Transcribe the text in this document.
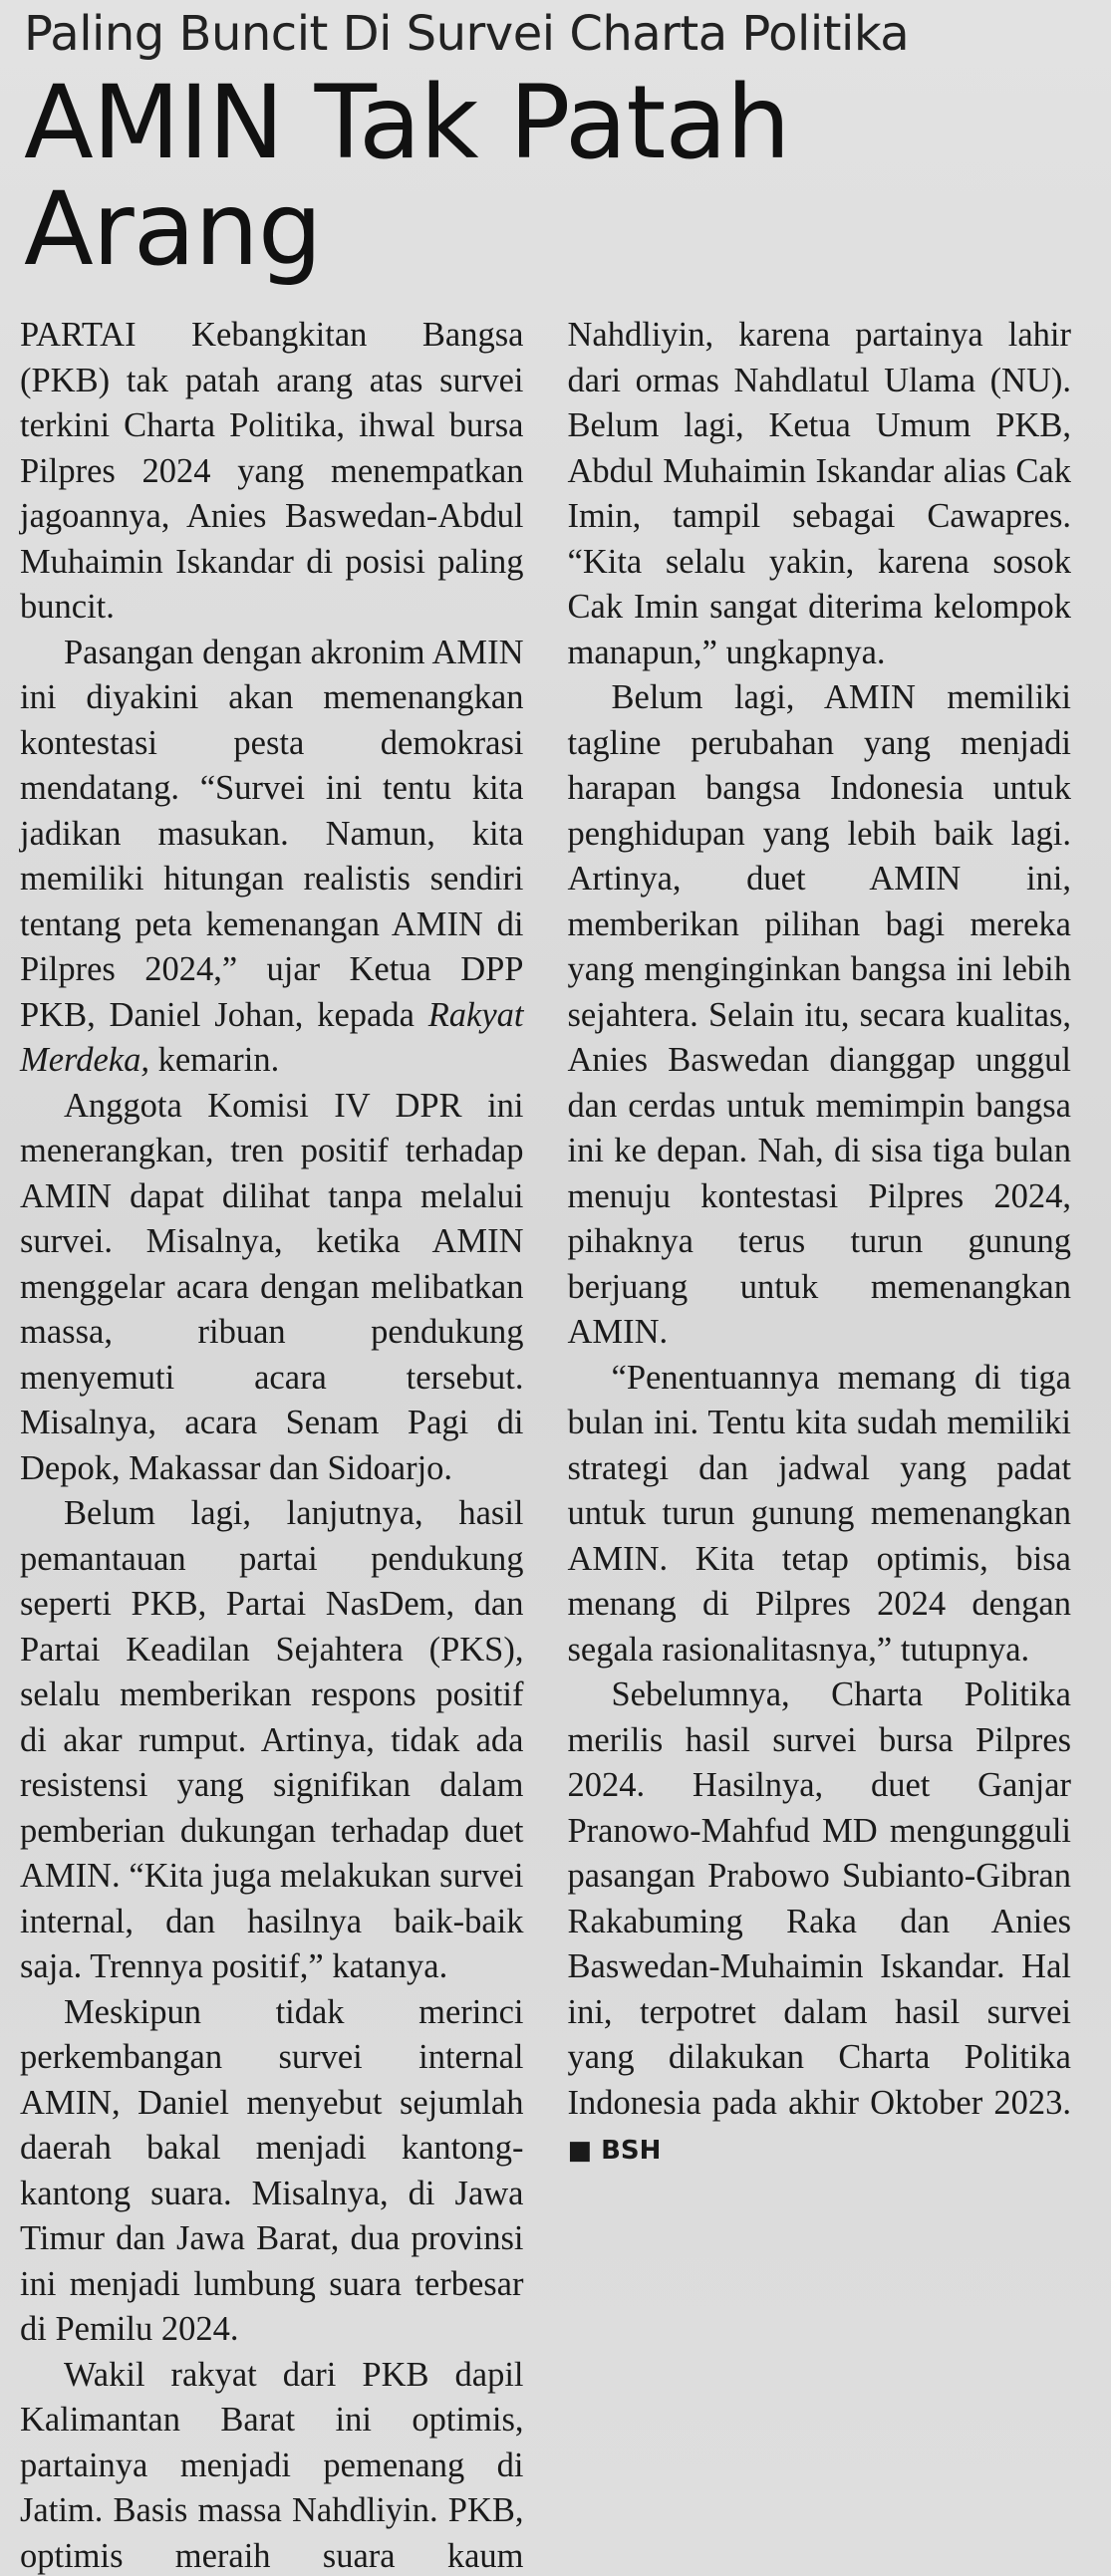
Paling Buncit Di Survei Charta Politika
AMIN Tak Patah Arang

PARTAI Kebangkitan Bangsa (PKB) tak patah arang atas survei terkini Charta Politika, ihwal bursa Pilpres 2024 yang menempatkan jagoannya, Anies Baswedan-Abdul Muhaimin Iskandar di posisi paling buncit.

Pasangan dengan akronim AMIN ini diyakini akan memenangkan kontestasi pesta demokrasi mendatang. “Survei ini tentu kita jadikan masukan. Namun, kita memiliki hitungan realistis sendiri tentang peta kemenangan AMIN di Pilpres 2024,” ujar Ketua DPP PKB, Daniel Johan, kepada Rakyat Merdeka, kemarin.

Anggota Komisi IV DPR ini menerangkan, tren positif terhadap AMIN dapat dilihat tanpa melalui survei. Misalnya, ketika AMIN menggelar acara dengan melibatkan massa, ribuan pendukung menyemuti acara tersebut. Misalnya, acara Senam Pagi di Depok, Makassar dan Sidoarjo.

Belum lagi, lanjutnya, hasil pemantauan partai pendukung seperti PKB, Partai NasDem, dan Partai Keadilan Sejahtera (PKS), selalu memberikan respons positif di akar rumput. Artinya, tidak ada resistensi yang signifikan dalam pemberian dukungan terhadap duet AMIN. “Kita juga melakukan survei internal, dan hasilnya baik-baik saja. Trennya positif,” katanya.

Meskipun tidak merinci perkembangan survei internal AMIN, Daniel menyebut sejumlah daerah bakal menjadi kantong-kantong suara. Misalnya, di Jawa Timur dan Jawa Barat, dua provinsi ini menjadi lumbung suara terbesar di Pemilu 2024.

Wakil rakyat dari PKB dapil Kalimantan Barat ini optimis, partainya menjadi pemenang di Jatim. Basis massa Nahdliyin. PKB, optimis meraih suara kaum Nahdliyin, karena partainya lahir dari ormas Nahdlatul Ulama (NU). Belum lagi, Ketua Umum PKB, Abdul Muhaimin Iskandar alias Cak Imin, tampil sebagai Cawapres. “Kita selalu yakin, karena sosok Cak Imin sangat diterima kelompok manapun,” ungkapnya.

Belum lagi, AMIN memiliki tagline perubahan yang menjadi harapan bangsa Indonesia untuk penghidupan yang lebih baik lagi. Artinya, duet AMIN ini, memberikan pilihan bagi mereka yang menginginkan bangsa ini lebih sejahtera. Selain itu, secara kualitas, Anies Baswedan dianggap unggul dan cerdas untuk memimpin bangsa ini ke depan. Nah, di sisa tiga bulan menuju kontestasi Pilpres 2024, pihaknya terus turun gunung berjuang untuk memenangkan AMIN.

“Penentuannya memang di tiga bulan ini. Tentu kita sudah memiliki strategi dan jadwal yang padat untuk turun gunung memenangkan AMIN. Kita tetap optimis, bisa menang di Pilpres 2024 dengan segala rasionalitasnya,” tutupnya.

Sebelumnya, Charta Politika merilis hasil survei bursa Pilpres 2024. Hasilnya, duet Ganjar Pranowo-Mahfud MD mengungguli pasangan Prabowo Subianto-Gibran Rakabuming Raka dan Anies Baswedan-Muhaimin Iskandar. Hal ini, terpotret dalam hasil survei yang dilakukan Charta Politika Indonesia pada akhir Oktober 2023. ■ BSH
